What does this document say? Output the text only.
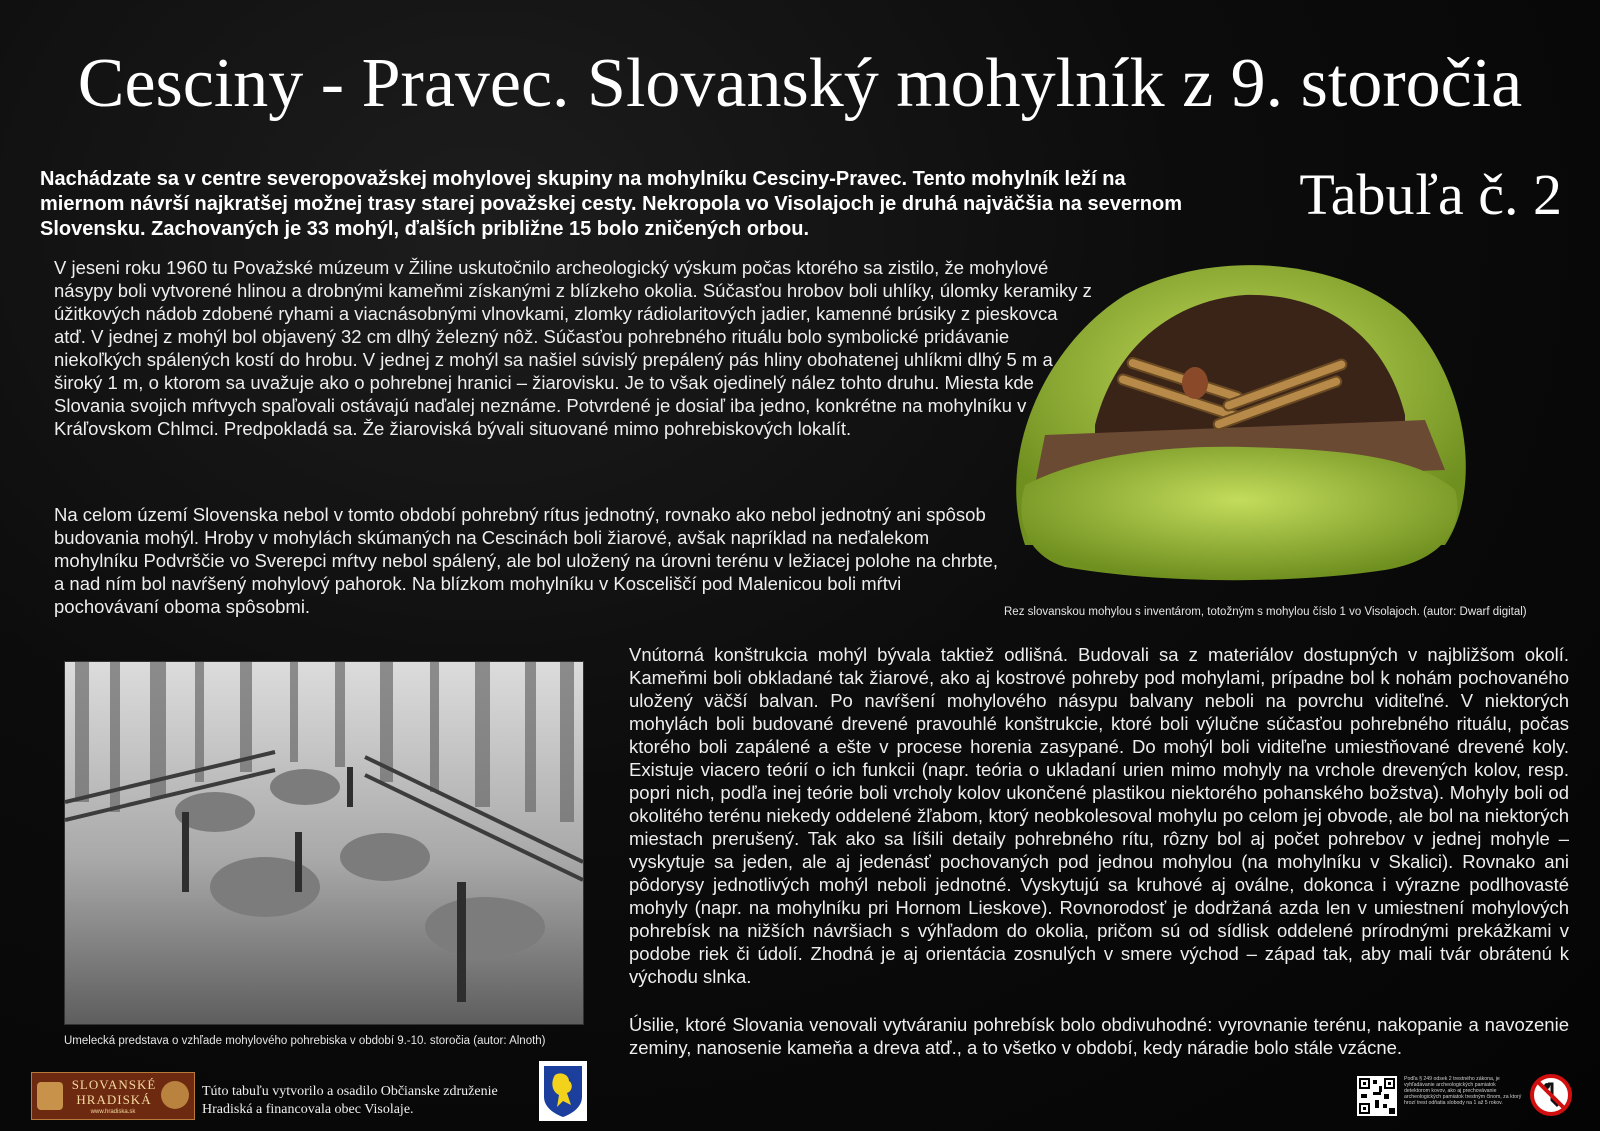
Cesciny - Pravec. Slovanský mohylník z 9. storočia
Tabuľa č. 2
Nachádzate sa v centre severopovažskej mohylovej skupiny na mohylníku Cesciny-Pravec. Tento mohylník leží na miernom návrší najkratšej možnej trasy starej považskej cesty. Nekropola vo Visolajoch je druhá najväčšia na severnom Slovensku. Zachovaných je 33 mohýl, ďalších približne 15 bolo zničených orbou.
V jeseni roku 1960 tu Považské múzeum v Žiline uskutočnilo archeologický výskum počas ktorého sa zistilo, že mohylové násypy boli vytvorené hlinou a drobnými kameňmi získanými z blízkeho okolia. Súčasťou hrobov boli uhlíky, úlomky keramiky z úžitkových nádob zdobené ryhami a viacnásobnými vlnovkami, zlomky rádiolaritových jadier, kamenné brúsiky z pieskovca atď. V jednej z mohýl bol objavený 32 cm dlhý železný nôž. Súčasťou pohrebného rituálu bolo symbolické pridávanie niekoľkých spálených kostí do hrobu. V jednej z mohýl sa našiel súvislý prepálený pás hliny obohatenej uhlíkmi dlhý 5 m a široký 1 m, o ktorom sa uvažuje ako o pohrebnej hranici – žiarovisku. Je to však ojedinelý nález tohto druhu. Miesta kde Slovania svojich mŕtvych spaľovali ostávajú naďalej neznáme. Potvrdené je dosiaľ iba jedno, konkrétne na mohylníku v Kráľovskom Chlmci. Predpokladá sa. Že žiaroviská bývali situované mimo pohrebiskových lokalít.
Na celom území Slovenska nebol v tomto období pohrebný rítus jednotný, rovnako ako nebol jednotný ani spôsob budovania mohýl. Hroby v mohylách skúmaných na Cescinách boli žiarové, avšak napríklad na neďalekom mohylníku Podvrščie vo Sverepci mŕtvy nebol spálený, ale bol uložený na úrovni terénu v ležiacej polohe na chrbte, a nad ním bol navŕšený mohylový pahorok. Na blízkom mohylníku v Kosceliščí pod Malenicou boli mŕtvi pochovávaní oboma spôsobmi.	Rez slovanskou mohylou s inventárom, totožným s mohylou číslo 1 vo Visolajoch. (autor: Dwarf digital)
Umelecká predstava o vzhľade mohylového pohrebiska v období 9.-10. storočia (autor: Alnoth)
Vnútorná konštrukcia mohýl bývala taktiež odlišná. Budovali sa z materiálov dostupných v najbližšom okolí. Kameňmi boli obkladané tak žiarové, ako aj kostrové pohreby pod mohylami, prípadne bol k nohám pochovaného uložený väčší balvan. Po navŕšení mohylového násypu balvany neboli na povrchu viditeľné. V niektorých mohylách boli budované drevené pravouhlé konštrukcie, ktoré boli výlučne súčasťou pohrebného rituálu, počas ktorého boli zapálené a ešte v procese horenia zasypané. Do mohýl boli viditeľne umiestňované drevené koly. Existuje viacero teórií o ich funkcii (napr. teória o ukladaní urien mimo mohyly na vrchole drevených kolov, resp. popri nich, podľa inej teórie boli vrcholy kolov ukončené plastikou niektorého pohanského božstva). Mohyly boli od okolitého terénu niekedy oddelené žľabom, ktorý neobkolesoval mohylu po celom jej obvode, ale bol na niektorých miestach prerušený. Tak ako sa líšili detaily pohrebného rítu, rôzny bol aj počet pohrebov v jednej mohyle – vyskytuje sa jeden, ale aj jedenásť pochovaných pod jednou mohylou (na mohylníku v Skalici). Rovnako ani pôdorysy jednotlivých mohýl neboli jednotné. Vyskytujú sa kruhové aj oválne, dokonca i výrazne podlhovasté mohyly (napr. na mohylníku pri Hornom Lieskove). Rovnorodosť je dodržaná azda len v umiestnení mohylových pohrebísk na nižších návršiach s výhľadom do okolia, pričom sú od sídlisk oddelené prírodnými prekážkami v podobe riek či údolí. Zhodná je aj orientácia zosnulých v smere východ – západ tak, aby mali tvár obrátenú k východu slnka.
Úsilie, ktoré Slovania venovali vytváraniu pohrebísk bolo obdivuhodné: vyrovnanie terénu, nakopanie a navozenie zeminy, nanosenie kameňa a dreva atď., a to všetko v období, kedy náradie bolo stále vzácne.
SLOVANSKÉ HRADISKÁ
www.hradiska.sk
Túto tabuľu vytvorilo a osadilo Občianske združenie Hradiská a financovala obec Visolaje.
Podľa § 249 odsek 2 trestného zákona, je vyhľadávanie archeologických pamiatok detektorom kovov, ako aj prechovávanie archeologických pamiatok trestným činom, za ktorý hrozí trest odňatia slobody na 1 až 5 rokov.
